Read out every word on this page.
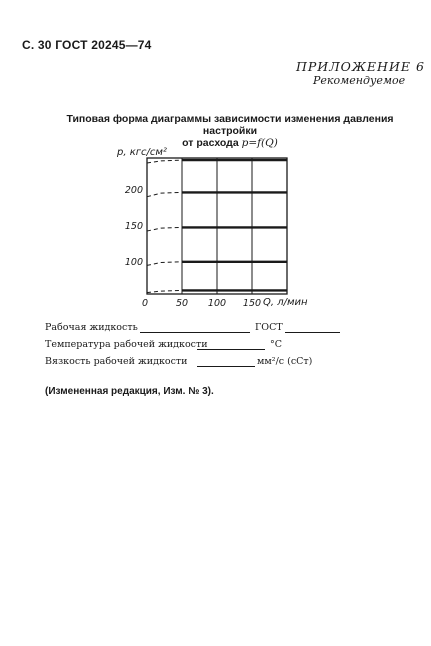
С. 30 ГОСТ 20245—74
ПРИЛОЖЕНИЕ 6
Рекомендуемое
Типовая форма диаграммы зависимости изменения давления настройки
от расхода p=f(Q)
0	50 100 150
100
150
200
p, кгс/см²
Q, л/мин
Рабочая жидкость	ГОСТ
Температура рабочей жидкости	°С
Вязкость рабочей жидкости	мм²/с (сСт)
(Измененная редакция, Изм. № 3).
